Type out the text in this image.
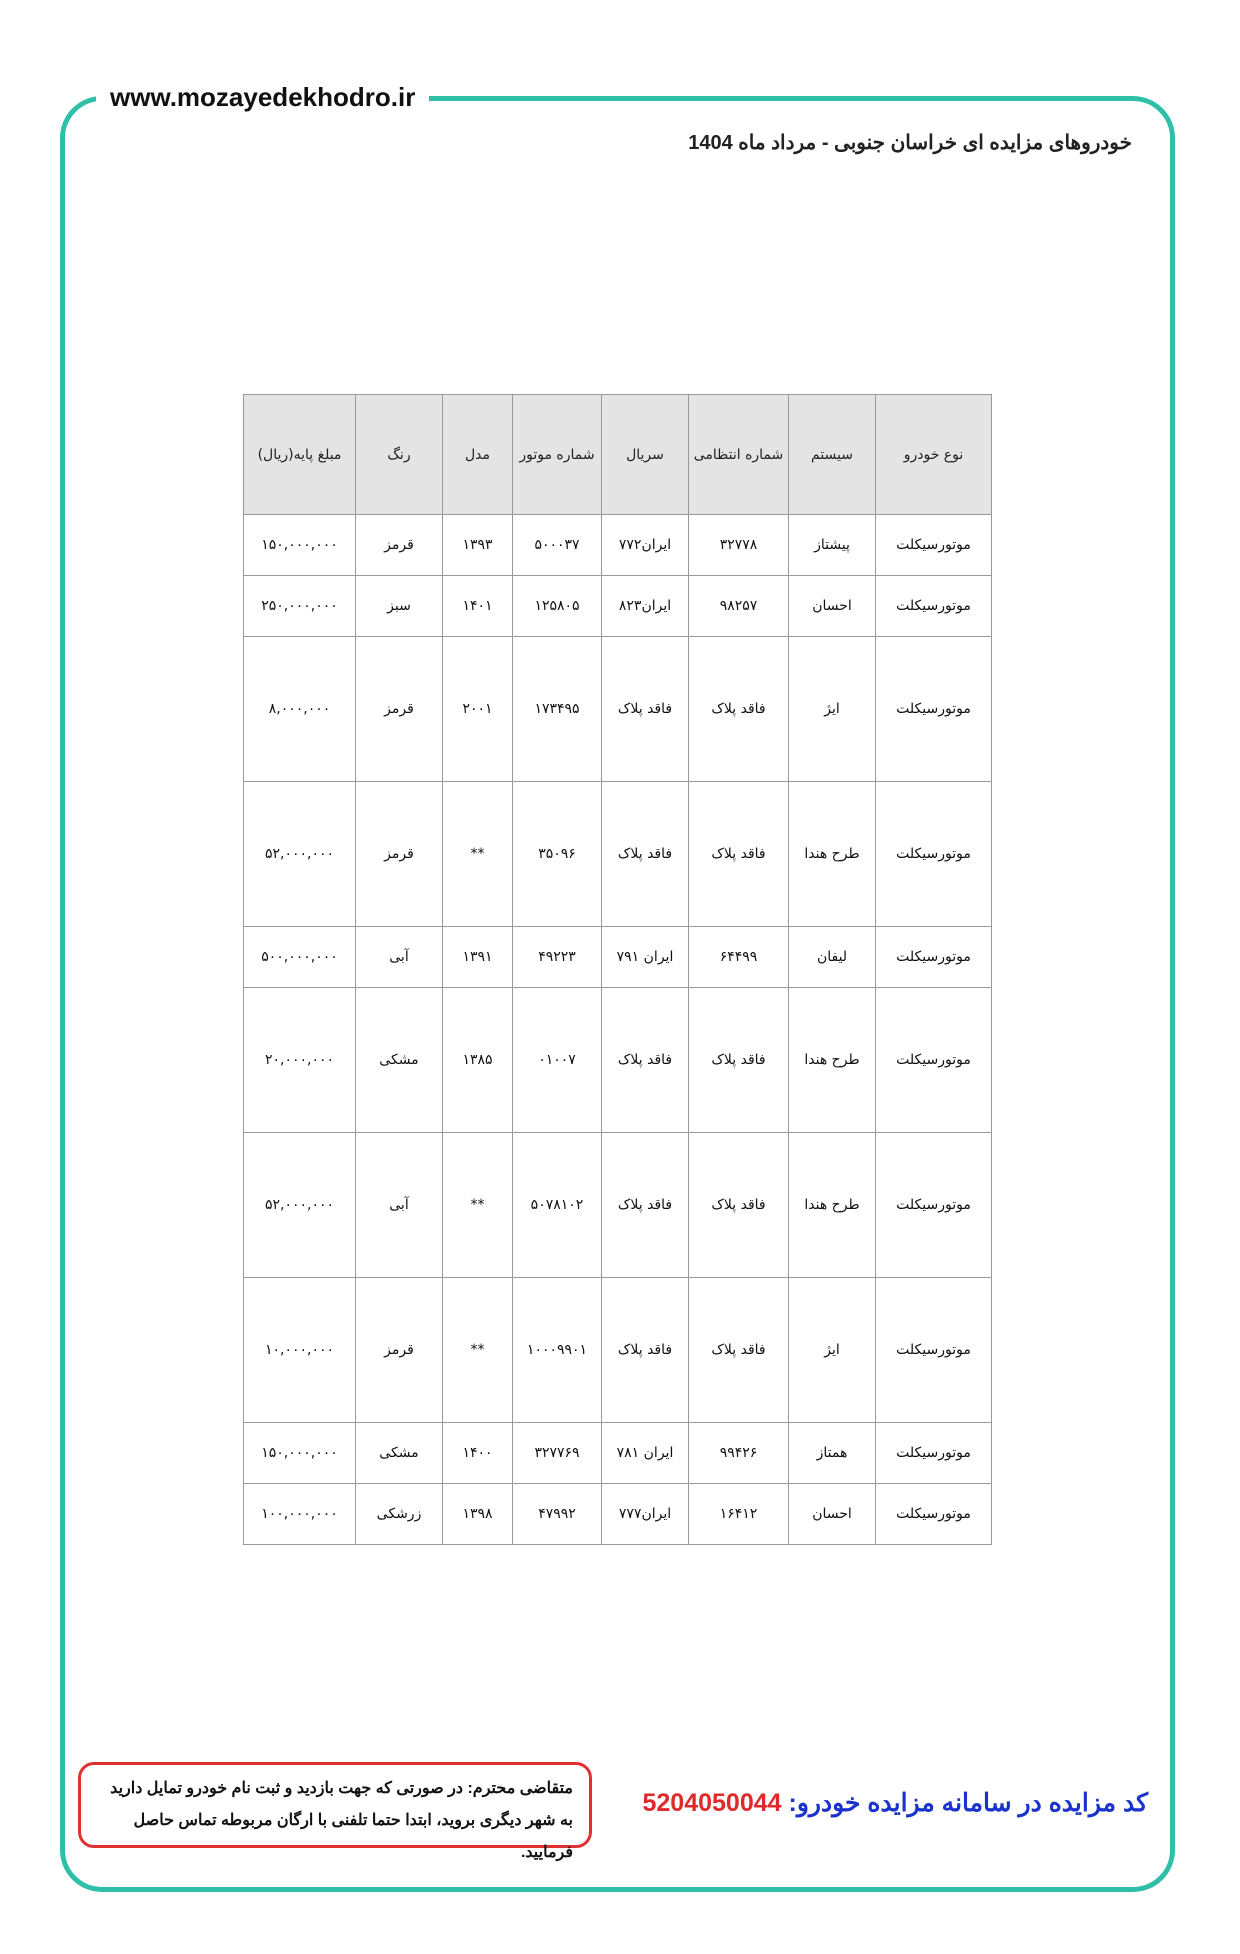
www.mozayedekhodro.ir
خودروهای مزایده ای خراسان جنوبی - مرداد ماه 1404
نوع خودرو	سیستم	شماره انتظامی	سریال	شماره موتور	مدل	رنگ	مبلغ پایه(ریال)
موتورسیکلت	پیشتاز	۳۲۷۷۸	ایران۷۷۲	۵۰۰۰۳۷	۱۳۹۳	قرمز	۱۵۰,۰۰۰,۰۰۰
موتورسیکلت	احسان	۹۸۲۵۷	ایران۸۲۳	۱۲۵۸۰۵	۱۴۰۱	سبز	۲۵۰,۰۰۰,۰۰۰
موتورسیکلت	ایژ	فاقد پلاک	فاقد پلاک	۱۷۳۴۹۵	۲۰۰۱	قرمز	۸,۰۰۰,۰۰۰
موتورسیکلت	طرح هندا	فاقد پلاک	فاقد پلاک	۳۵۰۹۶	**	قرمز	۵۲,۰۰۰,۰۰۰
موتورسیکلت	لیفان	۶۴۴۹۹	ایران ۷۹۱	۴۹۲۲۳	۱۳۹۱	آبی	۵۰۰,۰۰۰,۰۰۰
موتورسیکلت	طرح هندا	فاقد پلاک	فاقد پلاک	۰۱۰۰۷	۱۳۸۵	مشکی	۲۰,۰۰۰,۰۰۰
موتورسیکلت	طرح هندا	فاقد پلاک	فاقد پلاک	۵۰۷۸۱۰۲	**	آبی	۵۲,۰۰۰,۰۰۰
موتورسیکلت	ایژ	فاقد پلاک	فاقد پلاک	۱۰۰۰۹۹۰۱	**	قرمز	۱۰,۰۰۰,۰۰۰
موتورسیکلت	همتاز	۹۹۴۲۶	ایران ۷۸۱	۳۲۷۷۶۹	۱۴۰۰	مشکی	۱۵۰,۰۰۰,۰۰۰
موتورسیکلت	احسان	۱۶۴۱۲	ایران۷۷۷	۴۷۹۹۲	۱۳۹۸	زرشکی	۱۰۰,۰۰۰,۰۰۰
متقاضی محترم: در صورتی که جهت بازدید و ثبت نام خودرو تمایل دارید
به شهر دیگری بروید، ابتدا حتما تلفنی با ارگان مربوطه تماس حاصل فرمایید.
کد مزایده در سامانه مزایده خودرو: 5204050044
